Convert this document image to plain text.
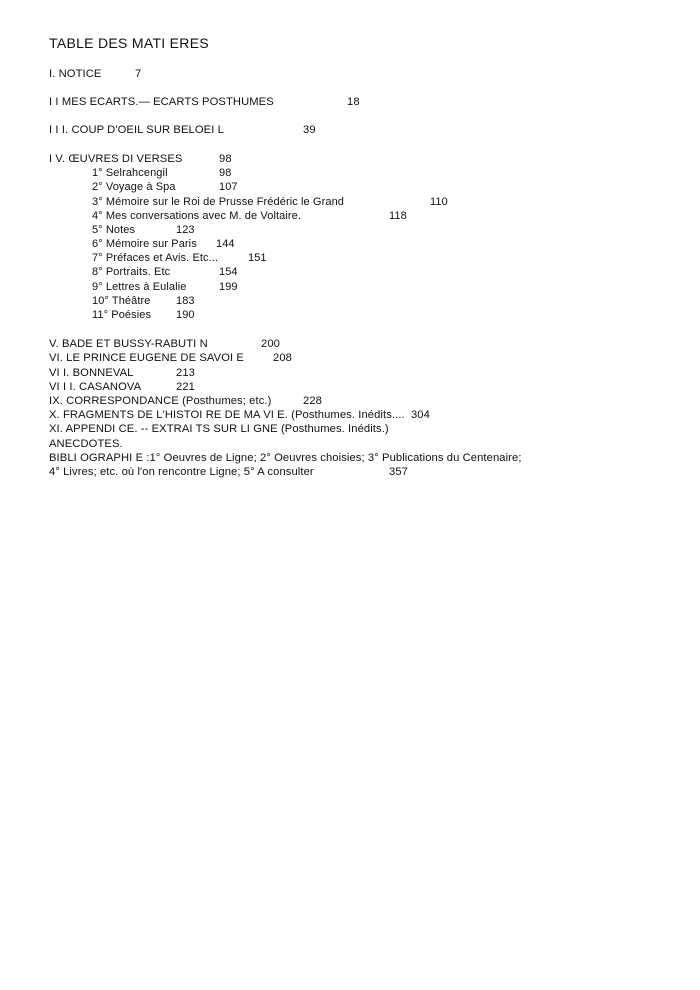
TABLE DES MATI ERES
I. NOTICE	7
I I MES ECARTS.— ECARTS POSTHUMES	18
I I I. COUP D'OEIL SUR BELOEI L	39
I V. ŒUVRES DI VERSES	98
1° Selrahcengil	98
2° Voyage à Spa	107
3° Mémoire sur le Roi de Prusse Frédéric le Grand	110
4° Mes conversations avec M. de Voltaire.	118
5° Notes	123
6° Mémoire sur Paris 144
7° Préfaces et Avis. Etc...	151
8° Portraits. Etc	154
9° Lettres à Eulalie	199
10° Théâtre 183
11° Poésies 190
V. BADE ET BUSSY-RABUTI N	200
VI. LE PRINCE EUGENE DE SAVOI E	208
VI I. BONNEVAL	213
VI I I. CASANOVA	221
IX. CORRESPONDANCE (Posthumes; etc.)	228
X. FRAGMENTS DE L'HISTOI RE DE MA VI E. (Posthumes. Inédits.... 304
XI. APPENDI CE. -- EXTRAI TS SUR LI GNE (Posthumes. Inédits.)
ANECDOTES.
BIBLI OGRAPHI E :1° Oeuvres de Ligne; 2° Oeuvres choisies; 3° Publications du Centenaire;
4° Livres; etc. où l'on rencontre Ligne; 5° A consulter	357
